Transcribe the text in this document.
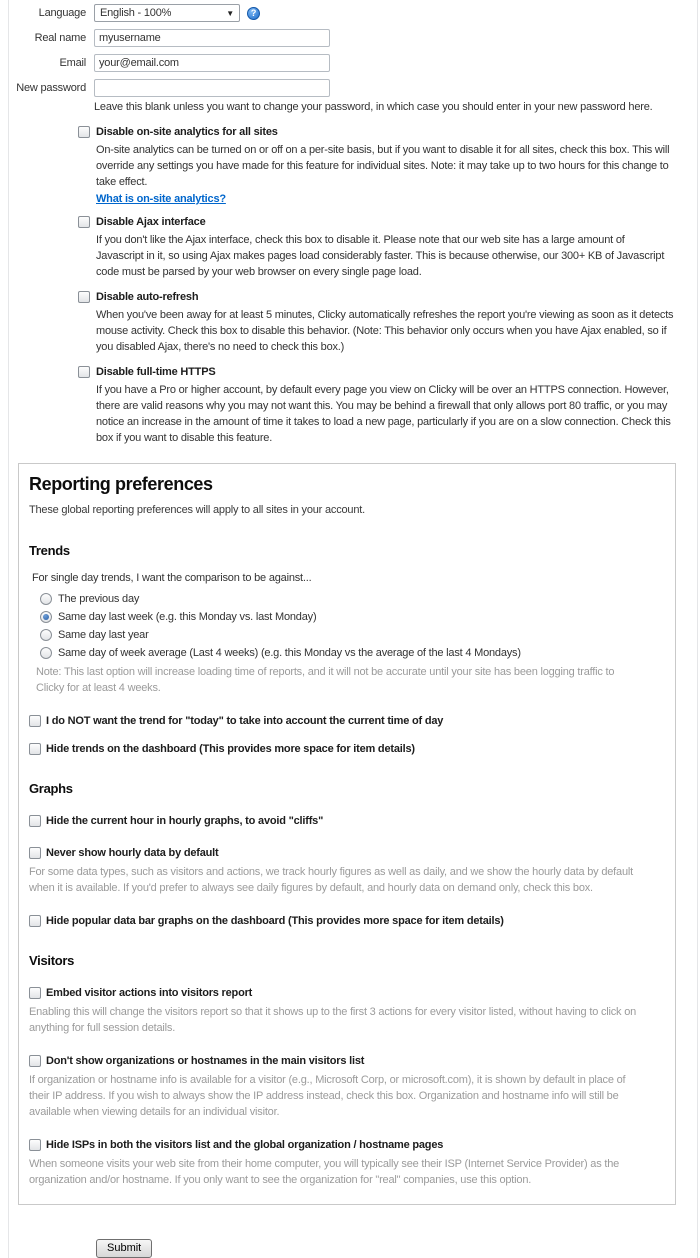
Language English - 100%	▼	?
Real name
myusername
Email
your@email.com
New password
Leave this blank unless you want to change your password, in which case you should enter in your new password here.
Disable on-site analytics for all sites
On-site analytics can be turned on or off on a per-site basis, but if you want to disable it for all sites, check this box. This will override any settings you have made for this feature for individual sites. Note: it may take up to two hours for this change to take effect.
What is on-site analytics?
Disable Ajax interface
If you don't like the Ajax interface, check this box to disable it. Please note that our web site has a large amount of Javascript in it, so using Ajax makes pages load considerably faster. This is because otherwise, our 300+ KB of Javascript code must be parsed by your web browser on every single page load.
Disable auto-refresh
When you've been away for at least 5 minutes, Clicky automatically refreshes the report you're viewing as soon as it detects mouse activity. Check this box to disable this behavior. (Note: This behavior only occurs when you have Ajax enabled, so if you disabled Ajax, there's no need to check this box.)
Disable full-time HTTPS
If you have a Pro or higher account, by default every page you view on Clicky will be over an HTTPS connection. However, there are valid reasons why you may not want this. You may be behind a firewall that only allows port 80 traffic, or you may notice an increase in the amount of time it takes to load a new page, particularly if you are on a slow connection. Check this box if you want to disable this feature.
Reporting preferences
These global reporting preferences will apply to all sites in your account.
Trends
For single day trends, I want the comparison to be against...
The previous day
Same day last week (e.g. this Monday vs. last Monday)
Same day last year
Same day of week average (Last 4 weeks) (e.g. this Monday vs the average of the last 4 Mondays)
Note: This last option will increase loading time of reports, and it will not be accurate until your site has been logging traffic to Clicky for at least 4 weeks.
I do NOT want the trend for "today" to take into account the current time of day
Hide trends on the dashboard (This provides more space for item details)
Graphs
Hide the current hour in hourly graphs, to avoid "cliffs"
Never show hourly data by default
For some data types, such as visitors and actions, we track hourly figures as well as daily, and we show the hourly data by default when it is available. If you'd prefer to always see daily figures by default, and hourly data on demand only, check this box.
Hide popular data bar graphs on the dashboard (This provides more space for item details)
Visitors
Embed visitor actions into visitors report
Enabling this will change the visitors report so that it shows up to the first 3 actions for every visitor listed, without having to click on anything for full session details.
Don't show organizations or hostnames in the main visitors list
If organization or hostname info is available for a visitor (e.g., Microsoft Corp, or microsoft.com), it is shown by default in place of their IP address. If you wish to always show the IP address instead, check this box. Organization and hostname info will still be available when viewing details for an individual visitor.
Hide ISPs in both the visitors list and the global organization / hostname pages
When someone visits your web site from their home computer, you will typically see their ISP (Internet Service Provider) as the organization and/or hostname. If you only want to see the organization for "real" companies, use this option.
Submit
